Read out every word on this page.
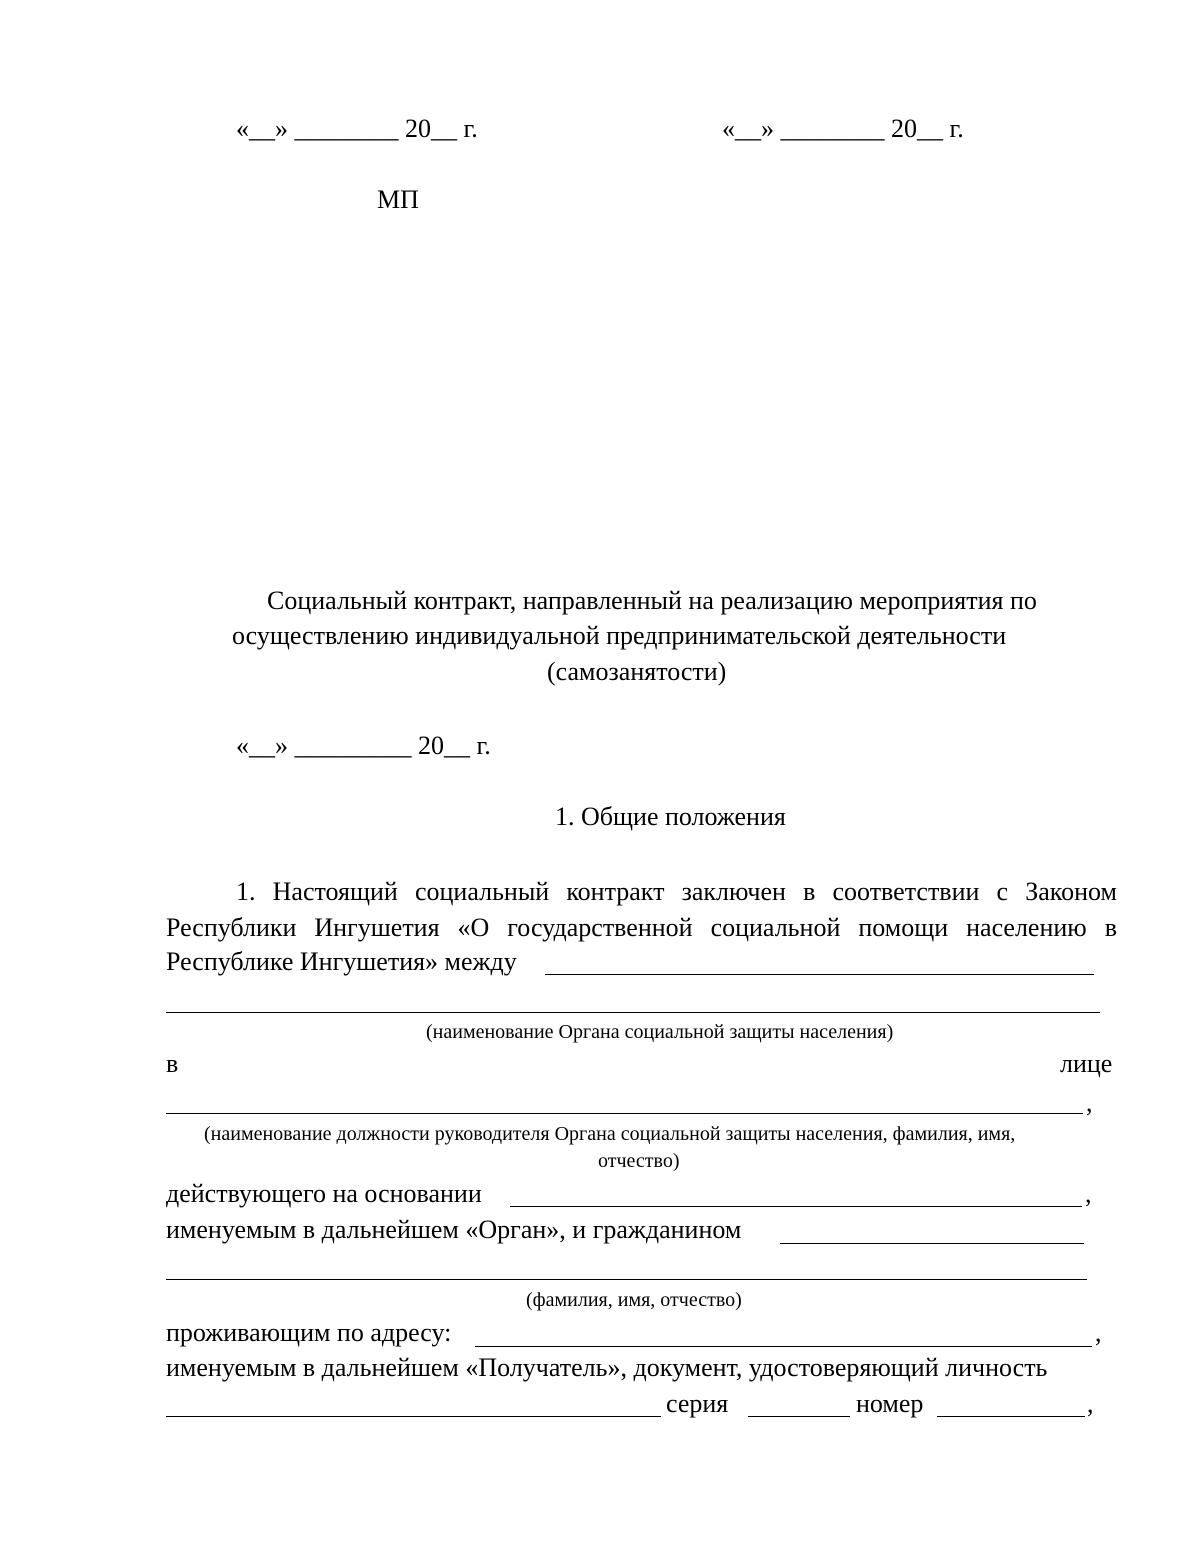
«__» ________ 20__ г.	«__» ________ 20__ г.
МП
Социальный контракт, направленный на реализацию мероприятия по
осуществлению индивидуальной предпринимательской деятельности
(самозанятости)
«__» _________ 20__ г.
1. Общие положения
1. Настоящий социальный контракт заключен в соответствии с Законом
Республики Ингушетия «О государственной социальной помощи населению в
Республике Ингушетия» между
(наименование Органа социальной защиты населения)
в	лице
,
(наименование должности руководителя Органа социальной защиты населения, фамилия, имя,
отчество)
действующего на основании	,
именуемым в дальнейшем «Орган», и гражданином
(фамилия, имя, отчество)
проживающим по адресу:	,
именуемым в дальнейшем «Получатель», документ, удостоверяющий личность
серия	номер	,
